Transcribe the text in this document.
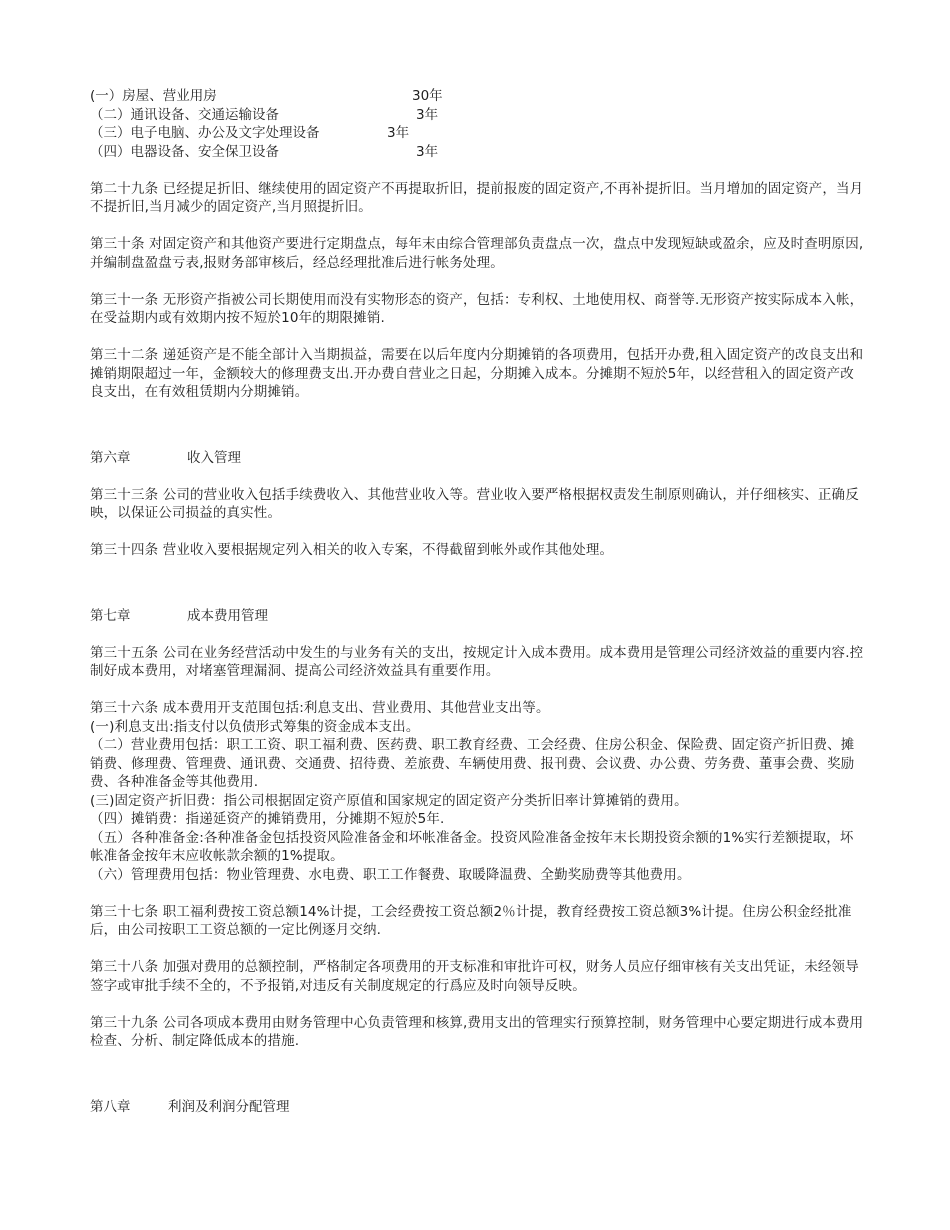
(一）房屋、营业用房	30年
（二）通讯设备、交通运输设备	3年
（三）电子电脑、办公及文字处理设备	3年
（四）电器设备、安全保卫设备	3年

第二十九条 已经提足折旧、继续使用的固定资产不再提取折旧，提前报废的固定资产,不再补提折旧。当月增加的固定资产，当月不提折旧,当月减少的固定资产,当月照提折旧。

第三十条 对固定资产和其他资产要进行定期盘点，每年末由综合管理部负责盘点一次，盘点中发现短缺或盈余，应及时查明原因,并编制盘盈盘亏表,报财务部审核后，经总经理批准后进行帐务处理。

第三十一条 无形资产指被公司长期使用而没有实物形态的资产，包括：专利权、土地使用权、商誉等.无形资产按实际成本入帐，在受益期内或有效期内按不短於10年的期限摊销.

第三十二条 递延资产是不能全部计入当期损益，需要在以后年度内分期摊销的各项费用，包括开办费,租入固定资产的改良支出和摊销期限超过一年，金额较大的修理费支出.开办费自营业之日起，分期摊入成本。分摊期不短於5年，以经营租入的固定资产改良支出，在有效租赁期内分期摊销。

第六章	收入管理

第三十三条 公司的营业收入包括手续费收入、其他营业收入等。营业收入要严格根据权责发生制原则确认，并仔细核实、正确反映，以保证公司损益的真实性。

第三十四条 营业收入要根据规定列入相关的收入专案，不得截留到帐外或作其他处理。

第七章	成本费用管理

第三十五条 公司在业务经营活动中发生的与业务有关的支出，按规定计入成本费用。成本费用是管理公司经济效益的重要内容.控制好成本费用，对堵塞管理漏洞、提高公司经济效益具有重要作用。

第三十六条 成本费用开支范围包括:利息支出、营业费用、其他营业支出等。

(一)利息支出:指支付以负债形式筹集的资金成本支出。

（二）营业费用包括：职工工资、职工福利费、医药费、职工教育经费、工会经费、住房公积金、保险费、固定资产折旧费、摊销费、修理费、管理费、通讯费、交通费、招待费、差旅费、车辆使用费、报刊费、会议费、办公费、劳务费、董事会费、奖励费、各种准备金等其他费用.

(三)固定资产折旧费：指公司根据固定资产原值和国家规定的固定资产分类折旧率计算摊销的费用。

（四）摊销费：指递延资产的摊销费用，分摊期不短於5年.

（五）各种准备金:各种准备金包括投资风险准备金和坏帐准备金。投资风险准备金按年末长期投资余额的1%实行差额提取，坏帐准备金按年末应收帐款余额的1%提取。

（六）管理费用包括：物业管理费、水电费、职工工作餐费、取暖降温费、全勤奖励费等其他费用。

第三十七条 职工福利费按工资总额14%计提，工会经费按工资总额2％计提，教育经费按工资总额3%计提。住房公积金经批准后，由公司按职工工资总额的一定比例逐月交纳.

第三十八条 加强对费用的总额控制，严格制定各项费用的开支标准和审批许可权，财务人员应仔细审核有关支出凭证，未经领导签字或审批手续不全的，不予报销,对违反有关制度规定的行爲应及时向领导反映。

第三十九条 公司各项成本费用由财务管理中心负责管理和核算,费用支出的管理实行预算控制，财务管理中心要定期进行成本费用检查、分析、制定降低成本的措施.

第八章	利润及利润分配管理
